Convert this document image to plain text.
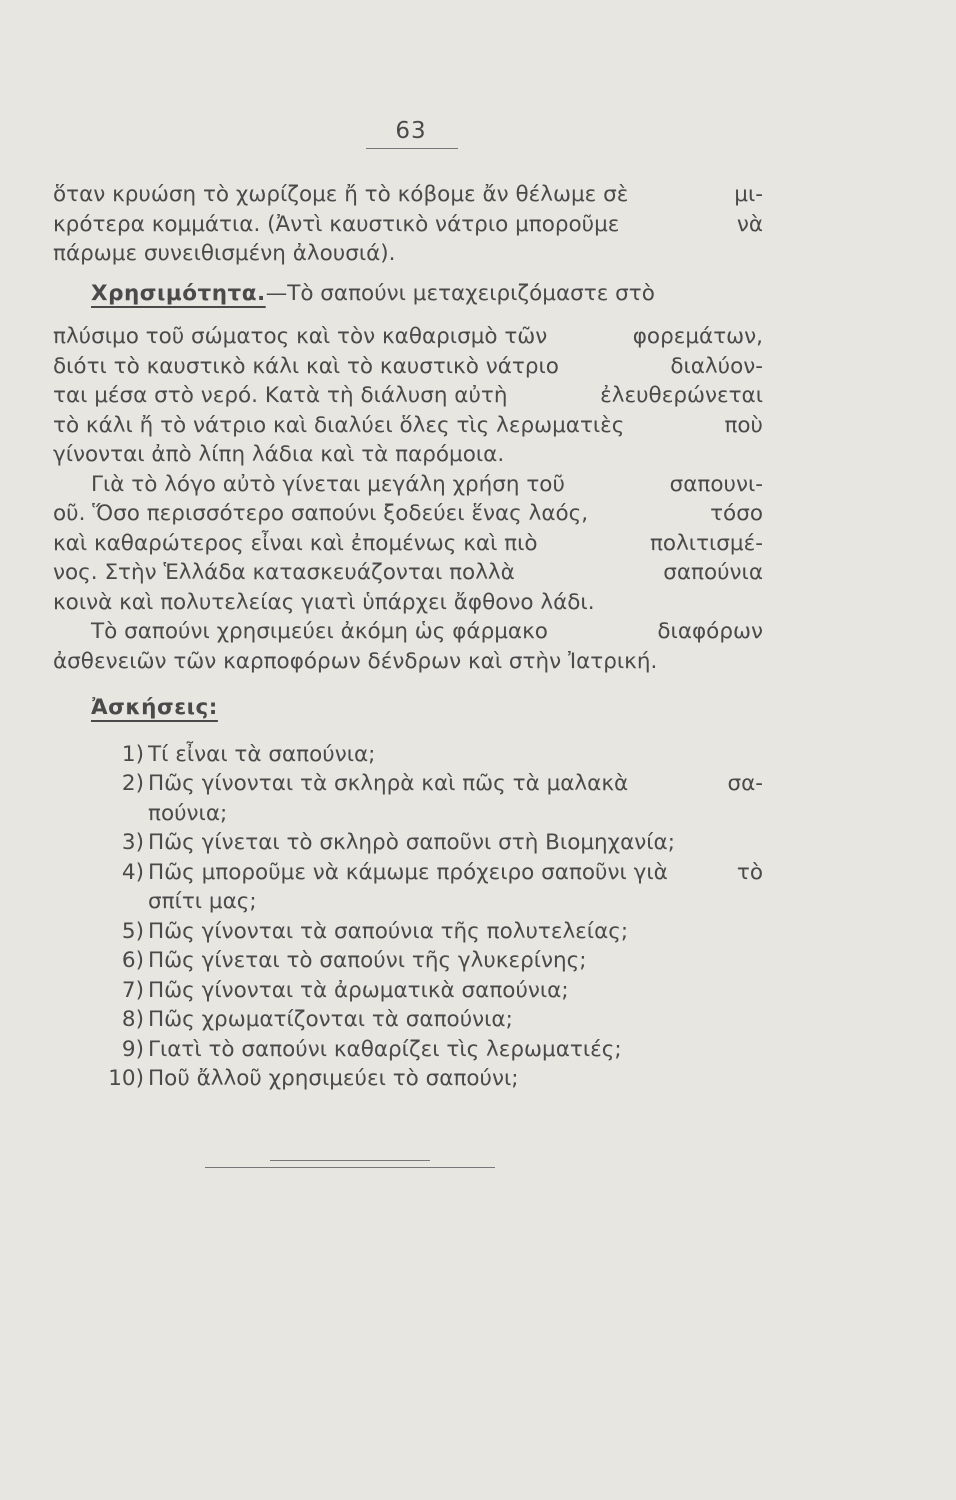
63
ὅταν κρυώση τὸ χωρίζομε ἤ τὸ κόβομε ἄν θέλωμε σὲ	μι-
κρότερα κομμάτια. (Ἀντὶ καυστικὸ νάτριο μποροῦμε	νὰ
πάρωμε συνειθισμένη ἀλουσιά).
Χρησιμότητα.—Τὸ σαπούνι μεταχειριζόμαστε στὸ
πλύσιμο τοῦ σώματος καὶ τὸν καθαρισμὸ τῶν	φορεμάτων,
διότι τὸ καυστικὸ κάλι καὶ τὸ καυστικὸ νάτριο	διαλύον-
ται μέσα στὸ νερό. Κατὰ τὴ διάλυση αὐτὴ	ἐλευθερώνεται
τὸ κάλι ἤ τὸ νάτριο καὶ διαλύει ὅλες τὶς λερωματιὲς	ποὺ
γίνονται ἀπὸ λίπη λάδια καὶ τὰ παρόμοια.
Γιὰ τὸ λόγο αὐτὸ γίνεται μεγάλη χρήση τοῦ	σαπουνι-
οῦ. Ὅσο περισσότερο σαπούνι ξοδεύει ἕνας λαός,	τόσο
καὶ καθαρώτερος εἶναι καὶ ἐπομένως καὶ πιὸ	πολιτισμέ-
νος. Στὴν Ἑλλάδα κατασκευάζονται πολλὰ	σαπούνια
κοινὰ καὶ πολυτελείας γιατὶ ὑπάρχει ἄφθονο λάδι.
Τὸ σαπούνι χρησιμεύει ἀκόμη ὡς φάρμακο	διαφόρων
ἀσθενειῶν τῶν καρποφόρων δένδρων καὶ στὴν Ἰατρική.
Ἀσκήσεις:
1) Τί εἶναι τὰ σαπούνια;
2) Πῶς γίνονται τὰ σκληρὰ καὶ πῶς τὰ μαλακὰ	σα-
πούνια;
3) Πῶς γίνεται τὸ σκληρὸ σαποῦνι στὴ Βιομηχανία;
4) Πῶς μποροῦμε νὰ κάμωμε πρόχειρο σαποῦνι γιὰ	τὸ
σπίτι μας;
5) Πῶς γίνονται τὰ σαπούνια τῆς πολυτελείας;
6) Πῶς γίνεται τὸ σαπούνι τῆς γλυκερίνης;
7) Πῶς γίνονται τὰ ἀρωματικὰ σαπούνια;
8) Πῶς χρωματίζονται τὰ σαπούνια;
9) Γιατὶ τὸ σαπούνι καθαρίζει τὶς λερωματιές;
10) Ποῦ ἄλλοῦ χρησιμεύει τὸ σαπούνι;
